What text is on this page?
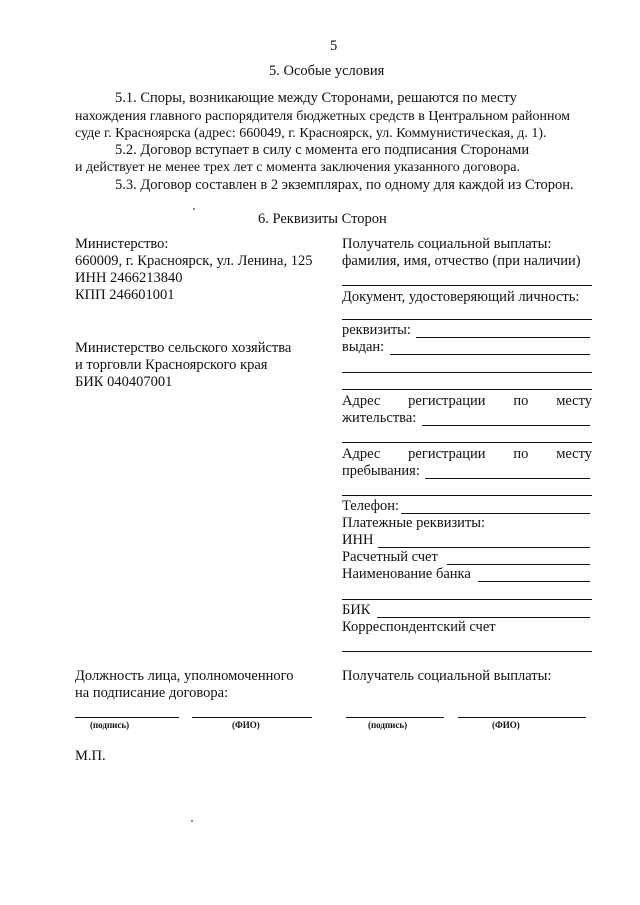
5
5. Особые условия
5.1. Споры, возникающие между Сторонами, решаются по месту
нахождения главного распорядителя бюджетных средств в Центральном районном
суде г. Красноярска (адрес: 660049, г. Красноярск, ул. Коммунистическая, д. 1).
5.2. Договор вступает в силу с момента его подписания Сторонами
и действует не менее трех лет с момента заключения указанного договора.
5.3. Договор составлен в 2 экземплярах, по одному для каждой из Сторон.
6. Реквизиты Сторон
Министерство:
660009, г. Красноярск, ул. Ленина, 125
ИНН 2466213840
КПП 246601001
Министерство сельского хозяйства
и торговли Красноярского края
БИК 040407001
Получатель социальной выплаты:
фамилия, имя, отчество (при наличии)
Документ, удостоверяющий личность:
реквизиты:
выдан:
Адрес регистрации по месту
жительства:
Адрес регистрации по месту
пребывания:
Телефон:
Платежные реквизиты:
ИНН
Расчетный счет
Наименование банка
БИК
Корреспондентский счет
Должность лица, уполномоченного
на подписание договора:
Получатель социальной выплаты:
(подпись)	(ФИО)	(подпись)	(ФИО)
М.П.
